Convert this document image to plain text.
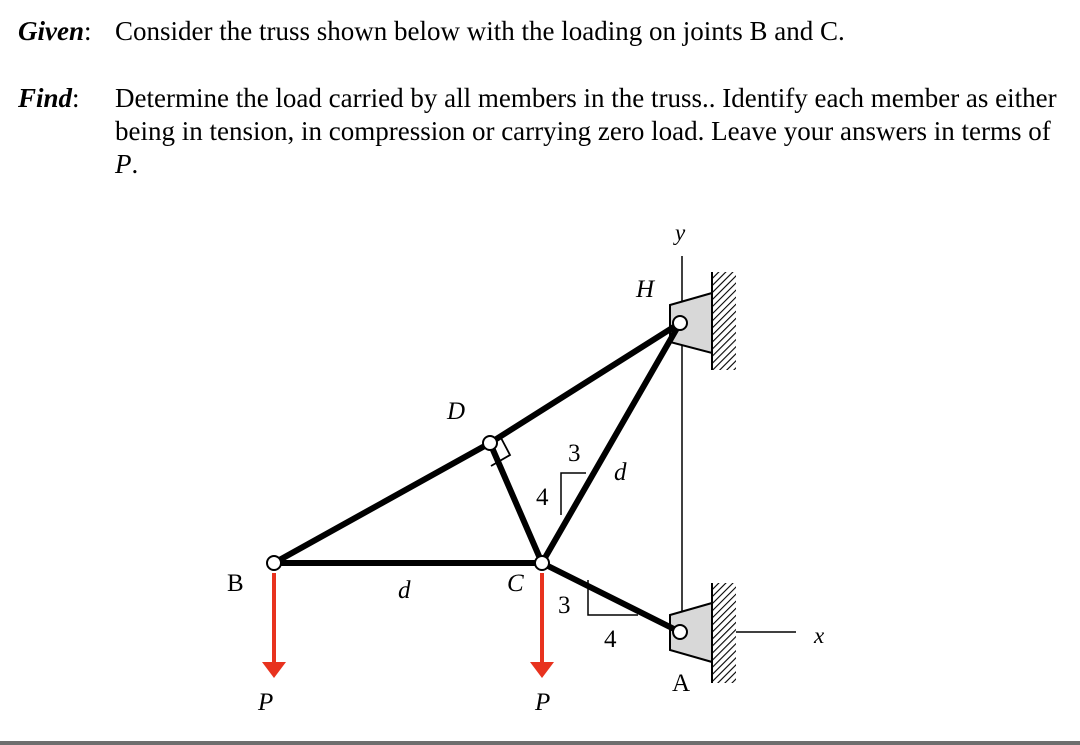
Given: Consider the truss shown below with the loading on joints B and C.
Find: Determine the load carried by all members in the truss.. Identify each member as either being in tension, in compression or carrying zero load. Leave your answers in terms of P.
y
x
B	C
D
H
A
d
d
4
3
3
4
P	P
